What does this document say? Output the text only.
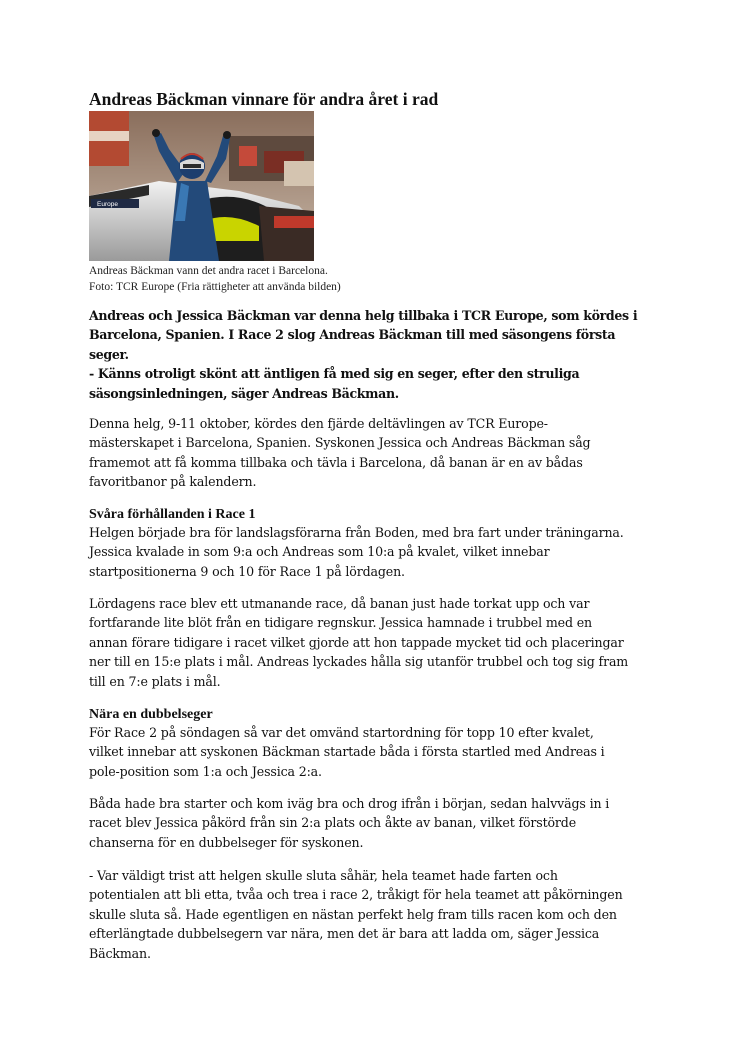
Andreas Bäckman vinnare för andra året i rad
Europe
Andreas Bäckman vann det andra racet i Barcelona.
Foto: TCR Europe (Fria rättigheter att använda bilden)

Andreas och Jessica Bäckman var denna helg tillbaka i TCR Europe, som kördes i
Barcelona, Spanien. I Race 2 slog Andreas Bäckman till med säsongens första
seger.
- Känns otroligt skönt att äntligen få med sig en seger, efter den struliga
säsongsinledningen, säger Andreas Bäckman.

Denna helg, 9-11 oktober, kördes den fjärde deltävlingen av TCR Europe-
mästerskapet i Barcelona, Spanien. Syskonen Jessica och Andreas Bäckman såg
framemot att få komma tillbaka och tävla i Barcelona, då banan är en av bådas
favoritbanor på kalendern.

Svåra förhållanden i Race 1

Helgen började bra för landslagsförarna från Boden, med bra fart under träningarna.
Jessica kvalade in som 9:a och Andreas som 10:a på kvalet, vilket innebar
startpositionerna 9 och 10 för Race 1 på lördagen.

Lördagens race blev ett utmanande race, då banan just hade torkat upp och var
fortfarande lite blöt från en tidigare regnskur. Jessica hamnade i trubbel med en
annan förare tidigare i racet vilket gjorde att hon tappade mycket tid och placeringar
ner till en 15:e plats i mål. Andreas lyckades hålla sig utanför trubbel och tog sig fram
till en 7:e plats i mål.

Nära en dubbelseger

För Race 2 på söndagen så var det omvänd startordning för topp 10 efter kvalet,
vilket innebar att syskonen Bäckman startade båda i första startled med Andreas i
pole-position som 1:a och Jessica 2:a.

Båda hade bra starter och kom iväg bra och drog ifrån i början, sedan halvvägs in i
racet blev Jessica påkörd från sin 2:a plats och åkte av banan, vilket förstörde
chanserna för en dubbelseger för syskonen.

- Var väldigt trist att helgen skulle sluta såhär, hela teamet hade farten och
potentialen att bli etta, tvåa och trea i race 2, tråkigt för hela teamet att påkörningen
skulle sluta så. Hade egentligen en nästan perfekt helg fram tills racen kom och den
efterlängtade dubbelsegern var nära, men det är bara att ladda om, säger Jessica
Bäckman.
